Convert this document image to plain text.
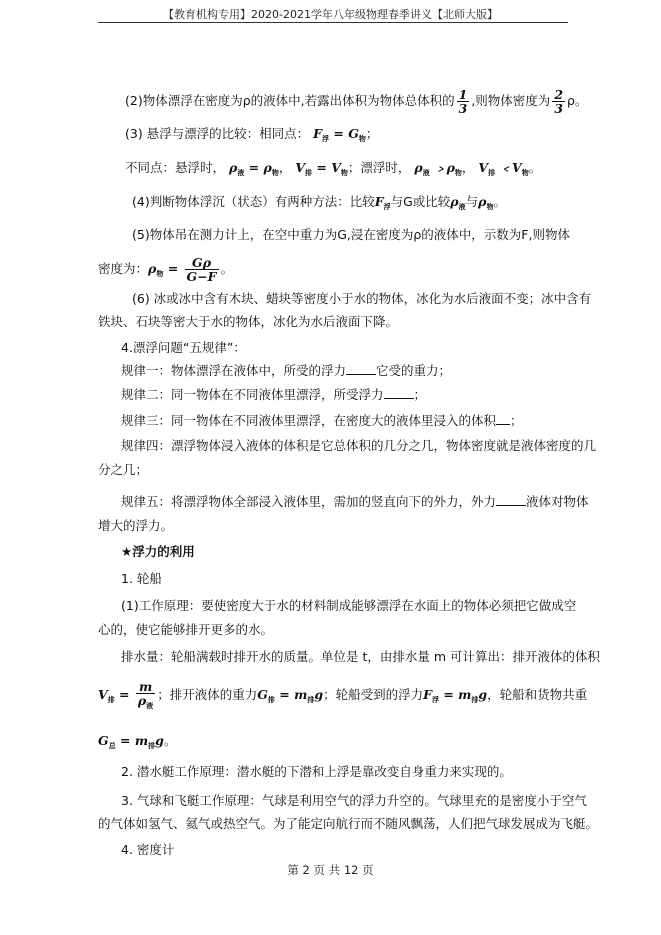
【教育机构专用】2020-2021学年八年级物理春季讲义【北师大版】
(2)物体漂浮在密度为ρ的液体中,若露出体积为物体总体积的 $\frac{1}{3}$ ,则物体密度为 $\frac{2}{3}$ ρ。
(3) 悬浮与漂浮的比较：相同点： $F_浮 = G_物$；
不同点：悬浮时， $\rho_液 = \rho_物$， $V_排 = V_物$；漂浮时， $\rho_液$ $﹥\rho_物$， $V_排$ $﹤V_物$。
(4)判断物体浮沉（状态）有两种方法：比较$F_浮$与G或比较$\rho_液$与$\rho_物$。
(5)物体吊在测力计上，在空中重力为G,浸在密度为ρ的液体中，示数为F,则物体
密度为：$\rho_物 = \frac{G\rho}{G-F}$ 。
(6) 冰或冰中含有木块、蜡块等密度小于水的物体，冰化为水后液面不变；冰中含有
铁块、石块等密大于水的物体，冰化为水后液面下降。
4.漂浮问题“五规律”：
规律一：物体漂浮在液体中，所受的浮力 它受的重力；
规律二：同一物体在不同液体里漂浮，所受浮力 ；
规律三：同一物体在不同液体里漂浮，在密度大的液体里浸入的体积 ；
规律四：漂浮物体浸入液体的体积是它总体积的几分之几，物体密度就是液体密度的几
分之几；
规律五：将漂浮物体全部浸入液体里，需加的竖直向下的外力，外力 液体对物体
增大的浮力。
★浮力的利用
1. 轮船
(1)工作原理：要使密度大于水的材料制成能够漂浮在水面上的物体必须把它做成空
心的，使它能够排开更多的水。
排水量：轮船满载时排开水的质量。单位是 t，由排水量 m 可计算出：排开液体的体积
$V_排 = \frac{m}{\rho_液}$ ；排开液体的重力$G_排 = m_排g$；轮船受到的浮力$F_浮 = m_排g$，轮船和货物共重
$G_总 = m_排g$。
2. 潜水艇工作原理：潜水艇的下潜和上浮是靠改变自身重力来实现的。
3. 气球和飞艇工作原理：气球是利用空气的浮力升空的。气球里充的是密度小于空气
的气体如氢气、氦气或热空气。为了能定向航行而不随风飘荡，人们把气球发展成为飞艇。
4. 密度计
第 2 页 共 12 页
